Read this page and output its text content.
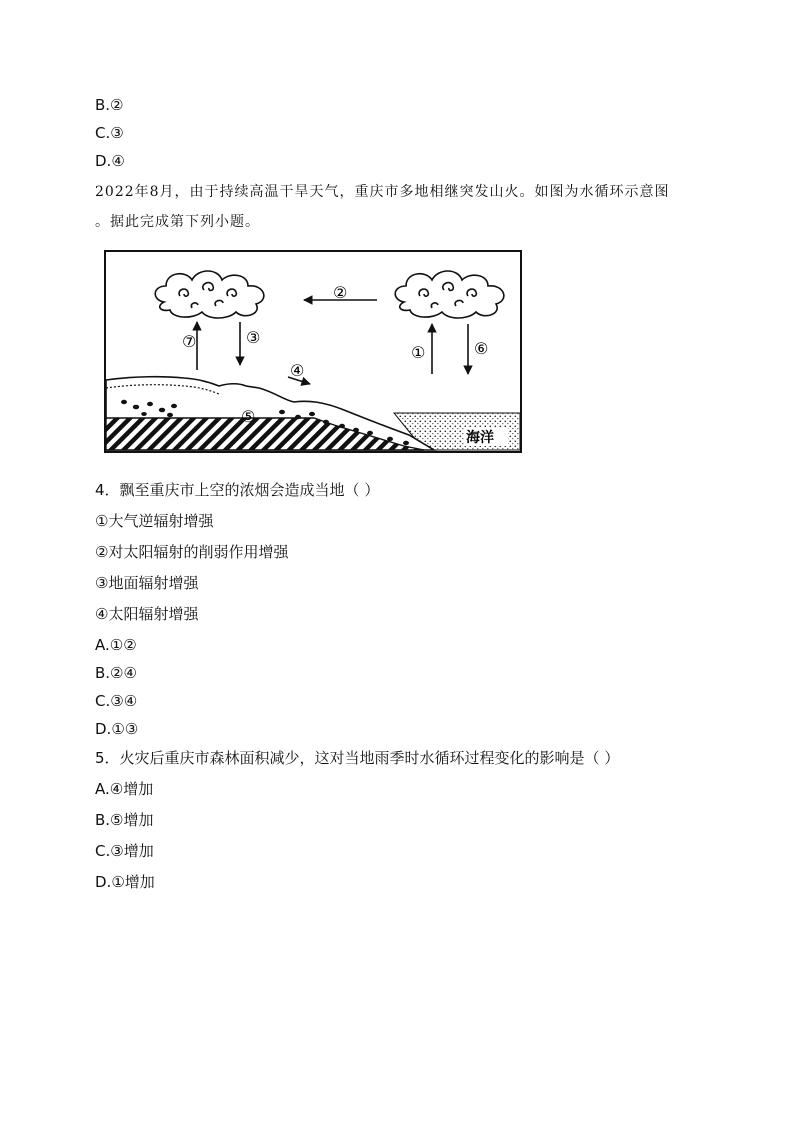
B.②
C.③
D.④
2022年8月，由于持续高温干旱天气，重庆市多地相继突发山火。如图为水循环示意图
。据此完成第下列小题。
⑦	③
②
①	⑥
④
⑤
海洋
4．飘至重庆市上空的浓烟会造成当地（ ）
①大气逆辐射增强
②对太阳辐射的削弱作用增强
③地面辐射增强
④太阳辐射增强
A.①②
B.②④
C.③④
D.①③
5．火灾后重庆市森林面积减少，这对当地雨季时水循环过程变化的影响是（ ）
A.④增加
B.⑤增加
C.③增加
D.①增加
